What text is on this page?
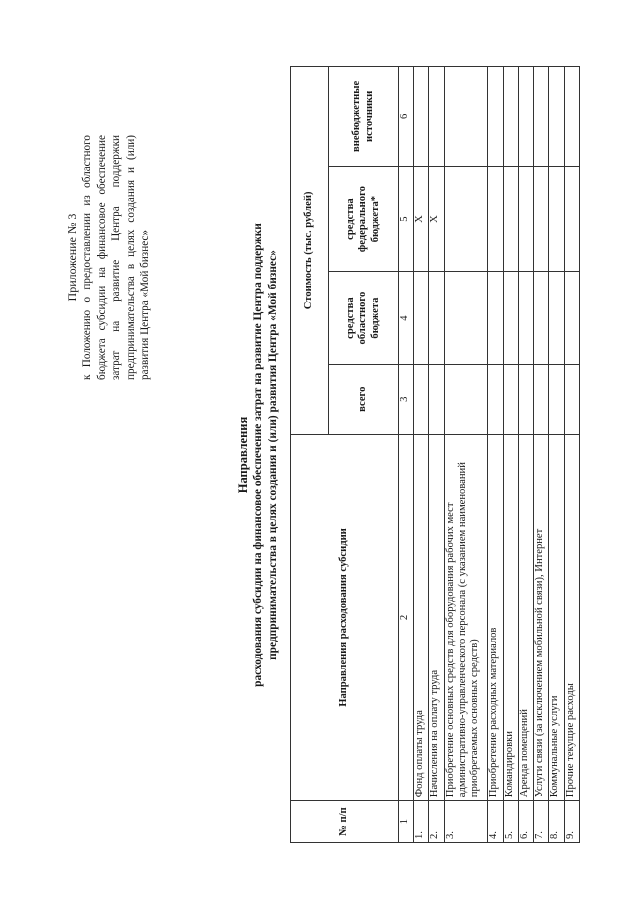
Приложение № 3 к Положению о предоставлении из областного бюджета субсидии на финансовое обеспечение затрат на развитие Центра поддержки предпринимательства в целях создания и (или) развития Центра «Мой бизнес»
Направления расходования субсидии на финансовое обеспечение затрат на развитие Центра поддержки предпринимательства в целях создания и (или) развития Центра «Мой бизнес»
№ п/п	Направления расходования субсидии	Стоимость (тыс. рублей)			
		всего	средства областного бюджета	средства федерального бюджета*	внебюджетные источники
1	2	3	4	5	6
1.	Фонд оплаты труда			X	
2.	Начисления на оплату труда			X	
3.	Приобретение основных средств для оборудования рабочих мест административно-управленческого персонала (с указанием наименований приобретаемых основных средств)				
4.	Приобретение расходных материалов				
5.	Командировки				
6.	Аренда помещений				
7.	Услуги связи (за исключением мобильной связи), Интернет				
8.	Коммунальные услуги				
9.	Прочие текущие расходы				
